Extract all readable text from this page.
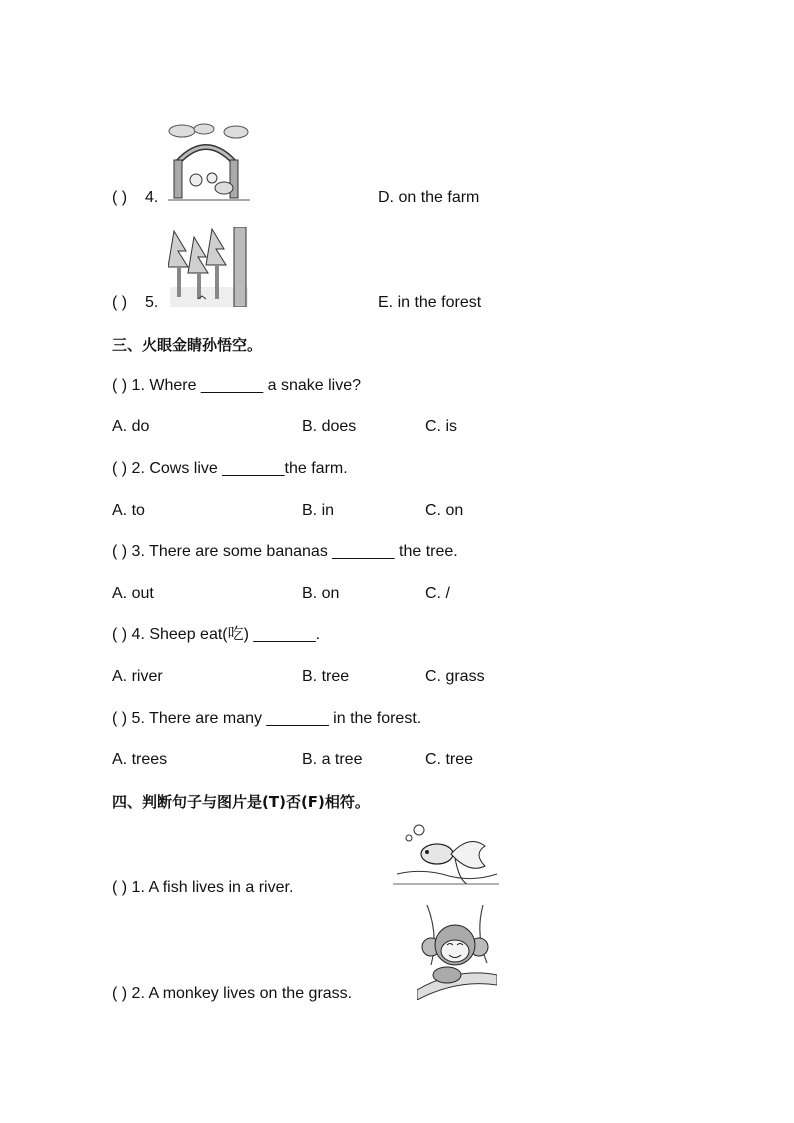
( ) 4.	D. on the farm
( ) 5.	E. in the forest
三、火眼金睛孙悟空。
( ) 1. Where _______ a snake live?
A. do	B. does	C. is
( ) 2. Cows live _______the farm.
A. to	B. in	C. on
( ) 3. There are some bananas _______ the tree.
A. out	B. on	C. /
( ) 4. Sheep eat(吃) _______.
A. river	B. tree	C. grass
( ) 5. There are many _______ in the forest.
A. trees	B. a tree	C. tree
四、判断句子与图片是(T)否(F)相符。
( ) 1. A fish lives in a river.
( ) 2. A monkey lives on the grass.
